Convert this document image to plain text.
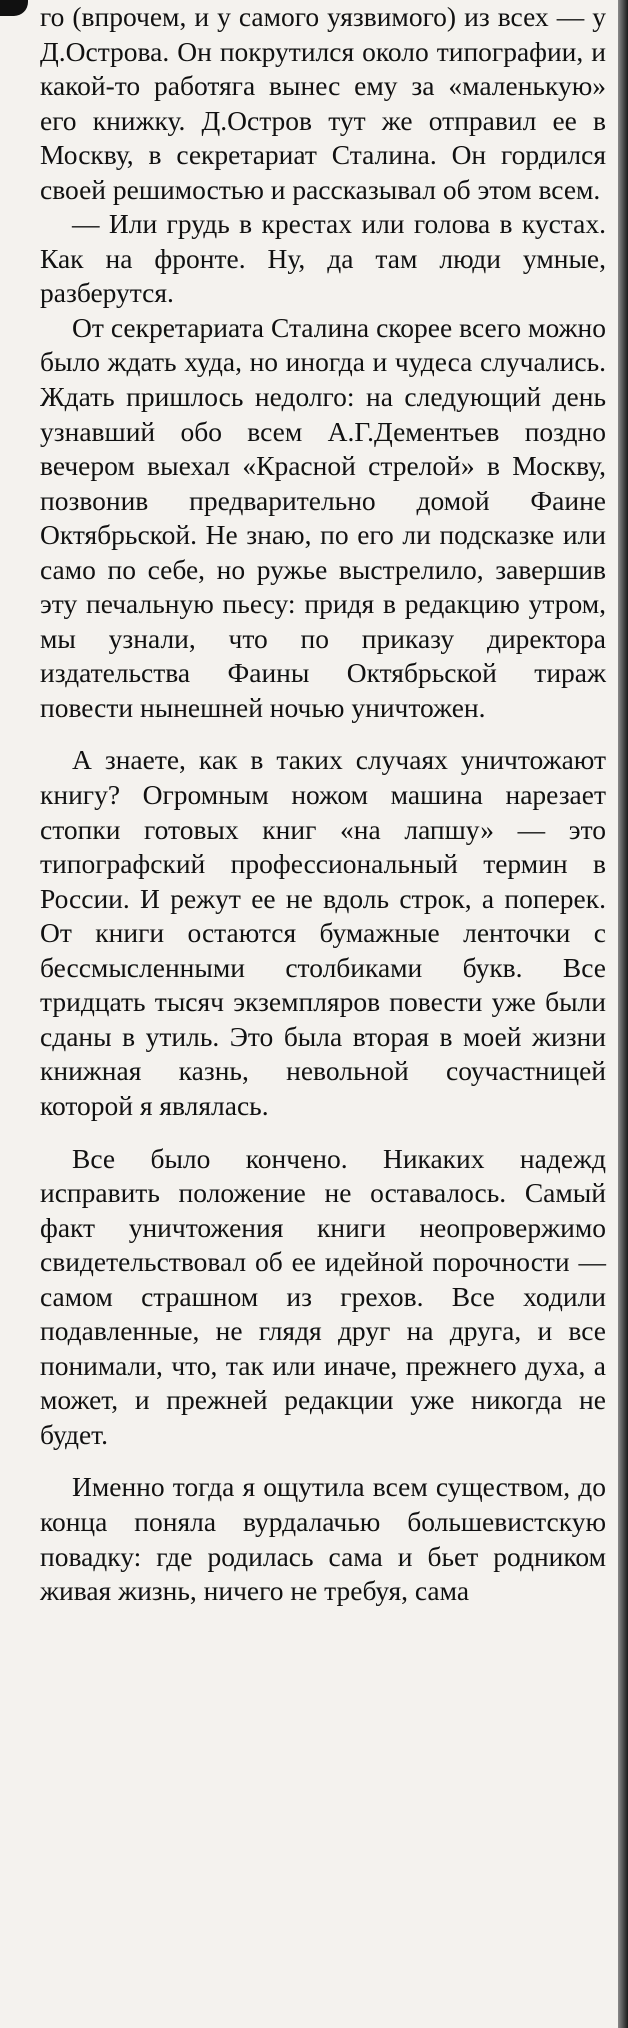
го (впрочем, и у самого уязвимого) из всех — у Д.Острова. Он покрутился около типографии, и какой-то работяга вынес ему за «маленькую» его книжку. Д.Остров тут же отправил ее в Москву, в секретариат Сталина. Он гордился своей решимостью и рассказывал об этом всем.

— Или грудь в крестах или голова в кустах. Как на фронте. Ну, да там люди умные, разберутся.

От секретариата Сталина скорее всего можно было ждать худа, но иногда и чудеса случались. Ждать пришлось недолго: на следующий день узнавший обо всем А.Г.Дементьев поздно вечером выехал «Красной стрелой» в Москву, позвонив предварительно домой Фаине Октябрьской. Не знаю, по его ли подсказке или само по себе, но ружье выстрелило, завершив эту печальную пьесу: придя в редакцию утром, мы узнали, что по приказу директора издательства Фаины Октябрьской тираж повести нынешней ночью уничтожен.

А знаете, как в таких случаях уничтожают книгу? Огромным ножом машина нарезает стопки готовых книг «на лапшу» — это типографский профессиональный термин в России. И режут ее не вдоль строк, а поперек. От книги остаются бумажные ленточки с бессмысленными столбиками букв. Все тридцать тысяч экземпляров повести уже были сданы в утиль. Это была вторая в моей жизни книжная казнь, невольной соучастницей которой я являлась.

Все было кончено. Никаких надежд исправить положение не оставалось. Самый факт уничтожения книги неопровержимо свидетельствовал об ее идейной порочности — самом страшном из грехов. Все ходили подавленные, не глядя друг на друга, и все понимали, что, так или иначе, прежнего духа, а может, и прежней редакции уже никогда не будет.

Именно тогда я ощутила всем существом, до конца поняла вурдалачью большевистскую повадку: где родилась сама и бьет родником живая жизнь, ничего не требуя, сама
